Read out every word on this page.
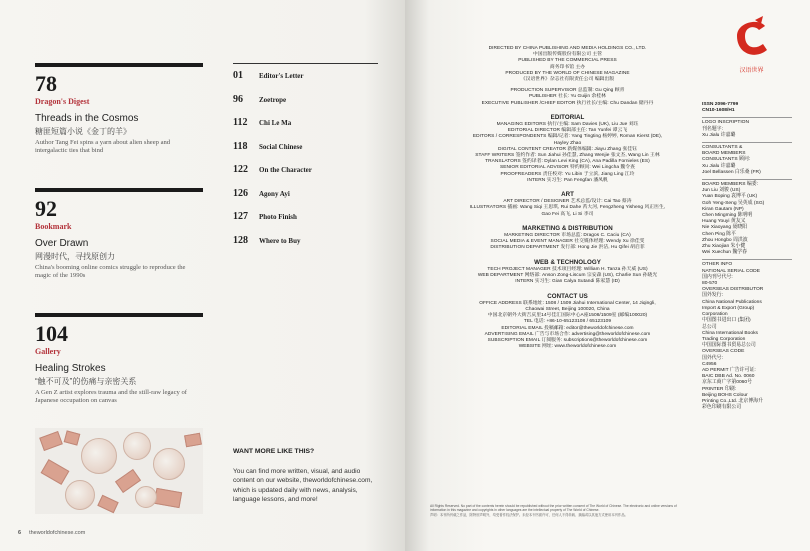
78
Dragon's Digest
Threads in the Cosmos
糖匪短篇小说《金丁的羊》
Author Tang Fei spins a yarn about alien sheep and intergalactic ties that bind
92
Bookmark
Over Drawn
网漫时代，寻找原创力
China's booming online comics struggle to reproduce the magic of the 1990s
104
Gallery
Healing Strokes
“触不可及”的伤痛与亲密关系
A Gen Z artist explores trauma and the still-raw legacy of Japanese occupation on canvas
01	Editor's Letter
96	Zoetrope
112	Chi Le Ma
118	Social Chinese
122	On the Character
126	Agony Ayi
127	Photo Finish
128	Where to Buy
WANT MORE LIKE THIS?
You can find more written, visual, and audio content on our website, theworldofchinese.com, which is updated daily with news, analysis, language lessons, and more!
6 theworldofchinese.com
DIRECTED BY CHINA PUBLISHING AND MEDIA HOLDINGS CO., LTD.
中国出版传媒股份有限公司 主管
PUBLISHED BY THE COMMERCIAL PRESS
商务印书馆 主办
PRODUCED BY THE WORLD OF CHINESE MAGAZINE
《汉语世界》杂志社有限责任公司 编辑出版
PRODUCTION SUPERVISOR 总监制: Gu Qing 顾青
PUBLISHER 社长: Yu Guijin 余桂林
EXECUTIVE PUBLISHER /CHIEF EDITOR 执行社长/主编: Chu Dandan 储丹丹
EDITORIAL
MANAGING EDITORS 执行/主编: Sam Davies (UK), Liu Jue 刘珏
EDITORIAL DIRECTOR 编辑部主任: Tan Yunfei 谭云飞
EDITORS / CORRESPONDENTS 编辑/记者: Yang Tingting 杨婷婷, Roman Kierst (DE),
Hayley Zhao
DIGITAL CONTENT CREATOR 新媒体编辑: Jiayu Zhang 张佳钰
STAFF WRITERS 签约作者: Sun Jiahui 孙佳慧, Zhang Wenjie 张文杰, Wang Lin 王林
TRANSLATORS 签约译者: Dylan Levi King (CA), Ana Padilla Fornieles (ES)
SENIOR EDITORIAL ADVISOR 特约顾问: Wei Lingcha 魏令查
PROOFREADERS 责任校对: Yu Libin 于立滨, Jiang Ling 江玲
INTERN 实习生: Pan Fengfan 潘凤帆
ART
ART DIRECTOR / DESIGNER 艺术总监/设计: Cai Tao 蔡涛
ILLUSTRATORS 插画: Wang Siqi 王思琪, Rui Dahe 芮大河, Fengzheng Yisheng 风正医生,
Gao Fei 高飞, Li Si 李司
MARKETING & DISTRIBUTION
MARKETING DIRECTOR 市场总监: Dragos C. Caciu (CA)
SOCIAL MEDIA & EVENT MANAGER 社交媒体经理: Wendy Xu 徐佳雯
DISTRIBUTION DEPARTMENT 发行部: Hong Jie 洪洁, Hu Qifei 胡启菲
WEB & TECHNOLOGY
TECH PROJECT MANAGER 技术项目经理: William H. Tanza 孙天威 (US)
WEB DEPARTMENT 网络部: Anson Zong-Liscum 宗安森 (US), Charlie Sun 孙晓光
INTERN 实习生: Gian Calya Sutandi 陈家慧 (ID)
CONTACT US
OFFICE ADDRESS 联系地址: 1508 / 1509 Jiahui International Center, 14 Jiqingli,
Chaowai Street, Beijing 100020, China
中国北京朝外大街吉庆里14号佳汇国际中心A座1508/1509室 (邮编100020)
TEL 电话: +86-10-65123108 / 65123109
EDITORIAL EMAIL 投稿邮箱: editor@theworldofchinese.com
ADVERTISING EMAIL 广告与市场合作: advertising@theworldofchinese.com
SUBSCRIPTION EMAIL 订阅服务: subscriptions@theworldofchinese.com
WEBSITE 网址: www.theworldofchinese.com
All Rights Reserved. No part of the contents herein should be republished without the prior written consent of The World of Chinese. The electronic and online versions of information in this magazine and copyrights in other languages are the intellectual property of The World of Chinese.
声明：本刊所刊载之作品，除特别声明外，均受著作权法保护。未经本刊书面许可，任何人不得转载、摘编或以其他方式使用本刊作品。
汉语世界
ISSN 2096-7799
CN10-1608/H1
LOGO INSCRIPTION
刊名题字:
Xu Jialu 许嘉璐
CONSULTANTS &
BOARD MEMBERS
CONSULTANTS 顾问:
Xu Jialu 许嘉璐
Joel Bellassen 白乐桑 (FR)
BOARD MEMBERS 编委:
Jun Liu 刘骏 (US)
Yuan Boping 袁博平 (UK)
Goh Yeng-Seng 吴英成 (SG)
Kiran Gautam (NP)
Chen Mingming 陈明明
Huang Youyi 黄友义
Nie Xiaoyang 聂晓阳
Chen Ping 陈平
Zhou Hongbo 周洪波
Zhu Xiaojian 朱小健
Wei Xuechun 魏学春
OTHER INFO
NATIONAL SERIAL CODE
国内刊号代号:
80-570
OVERSEAS DISTRIBUTOR
国外发行:
China National Publications
Import & Export (Group)
Corporation
中国图书进出口 (集团)
总公司
China International Books
Trading Corporation
中国国际图书贸易总公司
OVERSEAS CODE
国外代号:
C4956
AD PERMIT 广告许可证:
BAIC DBB Ad. No. 0060
京东工商广字第0060号
PRINTER 印刷:
Beijing BOHS Colour
Printing Co.,Ltd. 北京博海升
彩色印刷有限公司
